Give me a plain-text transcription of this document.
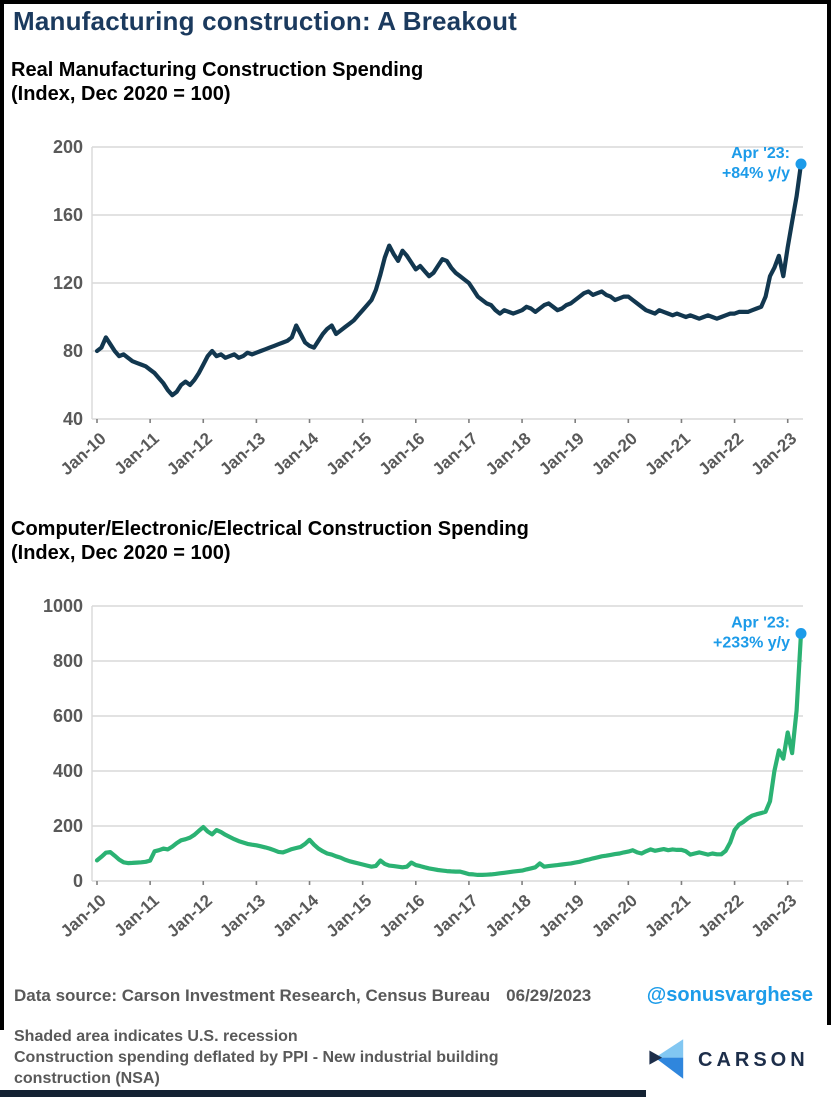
Manufacturing construction: A Breakout
Real Manufacturing Construction Spending
(Index, Dec 2020 = 100)
40
80
120
160
200
Jan-10 Jan-11 Jan-12 Jan-13 Jan-14 Jan-15 Jan-16 Jan-17 Jan-18 Jan-19 Jan-20 Jan-21 Jan-22 Jan-23
Apr '23:
+84% y/y
Computer/Electronic/Electrical Construction Spending
(Index, Dec 2020 = 100)
0
200
400
600
800
1000
Jan-10 Jan-11 Jan-12 Jan-13 Jan-14 Jan-15 Jan-16 Jan-17 Jan-18 Jan-19 Jan-20 Jan-21 Jan-22 Jan-23
Apr '23:
+233% y/y
Data source: Carson Investment Research, Census Bureau 06/29/2023	@sonusvarghese
Shaded area indicates U.S. recession
Construction spending deflated by PPI - New industrial building construction (NSA)
CARSON
